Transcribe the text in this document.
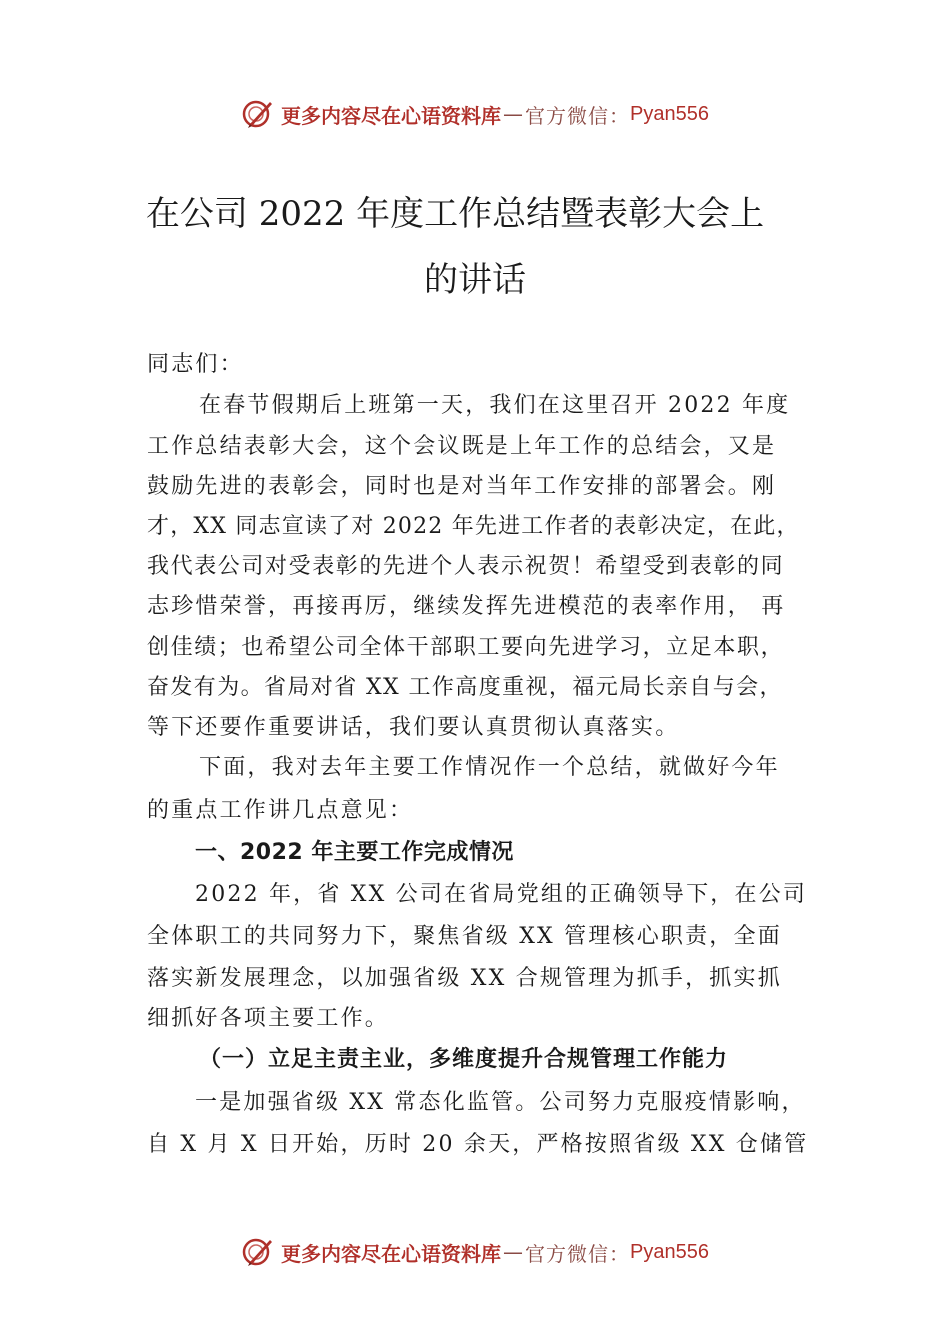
更多内容尽在心语资料库 — 官方微信： Pyan556
在公司 2022 年度工作总结暨表彰大会上
的讲话
同志们：
在春节假期后上班第一天，我们在这里召开 2022 年度
工作总结表彰大会，这个会议既是上年工作的总结会，又是
鼓励先进的表彰会，同时也是对当年工作安排的部署会。刚
才，XX 同志宣读了对 2022 年先进工作者的表彰决定，在此，
我代表公司对受表彰的先进个人表示祝贺！希望受到表彰的同
志珍惜荣誉，再接再厉，继续发挥先进模范的表率作用， 再
创佳绩；也希望公司全体干部职工要向先进学习，立足本职，
奋发有为。省局对省 XX 工作高度重视，福元局长亲自与会，
等下还要作重要讲话，我们要认真贯彻认真落实。
下面，我对去年主要工作情况作一个总结，就做好今年
的重点工作讲几点意见：
一、2022 年主要工作完成情况
2022 年，省 XX 公司在省局党组的正确领导下，在公司
全体职工的共同努力下，聚焦省级 XX 管理核心职责，全面
落实新发展理念，以加强省级 XX 合规管理为抓手，抓实抓
细抓好各项主要工作。
（一）立足主责主业，多维度提升合规管理工作能力
一是加强省级 XX 常态化监管。公司努力克服疫情影响，
自 X 月 X 日开始，历时 20 余天，严格按照省级 XX 仓储管
更多内容尽在心语资料库 — 官方微信： Pyan556
